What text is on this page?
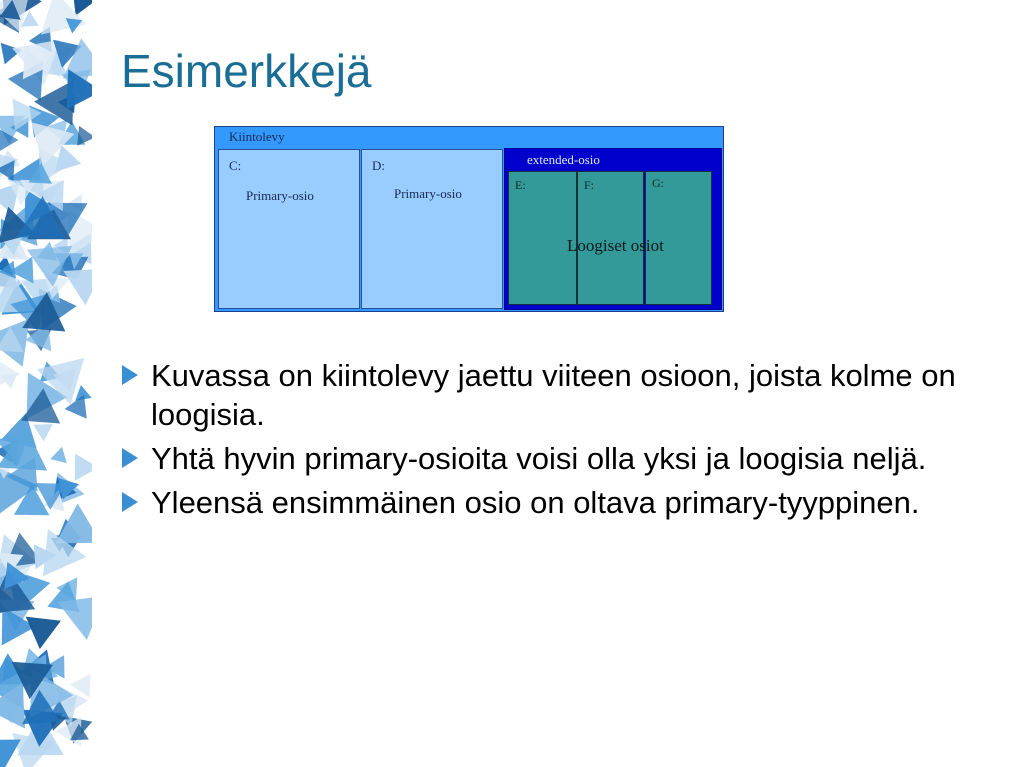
Esimerkkejä
Kiintolevy
C:
Primary-osio
D:
Primary-osio
extended-osio
E:	F:	G:
Loogiset osiot
Kuvassa on kiintolevy jaettu viiteen osioon, joista kolme on loogisia.
Yhtä hyvin primary-osioita voisi olla yksi ja loogisia neljä.
Yleensä ensimmäinen osio on oltava primary-tyyppinen.
